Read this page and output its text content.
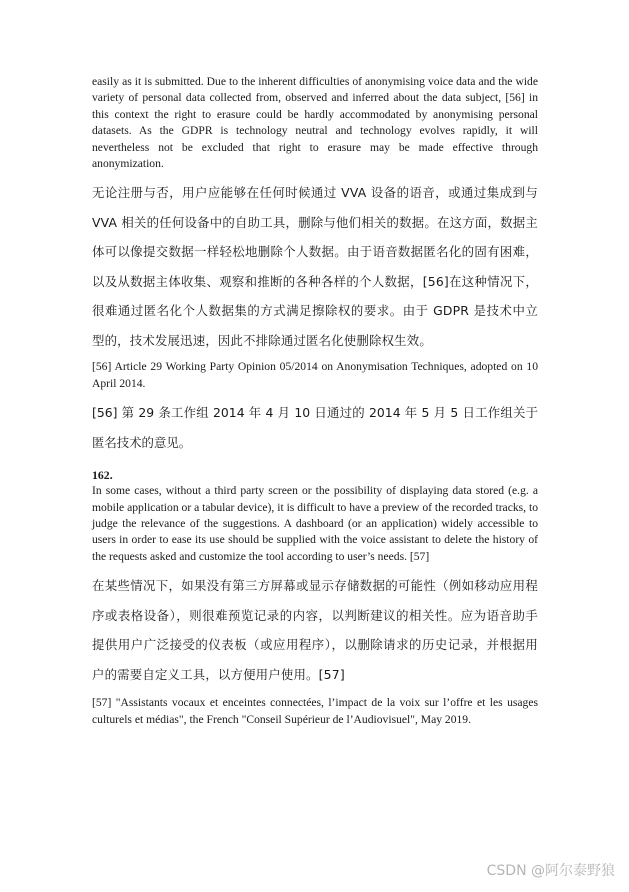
easily as it is submitted. Due to the inherent difficulties of anonymising voice data and the wide variety of personal data collected from, observed and inferred about the data subject, [56] in this context the right to erasure could be hardly accommodated by anonymising personal datasets. As the GDPR is technology neutral and technology evolves rapidly, it will nevertheless not be excluded that right to erasure may be made effective through anonymization.

无论注册与否，用户应能够在任何时候通过 VVA 设备的语音，或通过集成到与 VVA 相关的任何设备中的自助工具，删除与他们相关的数据。在这方面，数据主体可以像提交数据一样轻松地删除个人数据。由于语音数据匿名化的固有困难，以及从数据主体收集、观察和推断的各种各样的个人数据，[56]在这种情况下，很难通过匿名化个人数据集的方式满足擦除权的要求。由于 GDPR 是技术中立型的，技术发展迅速，因此不排除通过匿名化使删除权生效。

[56] Article 29 Working Party Opinion 05/2014 on Anonymisation Techniques, adopted on 10 April 2014.

[56] 第 29 条工作组 2014 年 4 月 10 日通过的 2014 年 5 月 5 日工作组关于匿名技术的意见。

162.

In some cases, without a third party screen or the possibility of displaying data stored (e.g. a mobile application or a tabular device), it is difficult to have a preview of the recorded tracks, to judge the relevance of the suggestions. A dashboard (or an application) widely accessible to users in order to ease its use should be supplied with the voice assistant to delete the history of the requests asked and customize the tool according to user’s needs. [57]

在某些情况下，如果没有第三方屏幕或显示存储数据的可能性（例如移动应用程序或表格设备），则很难预览记录的内容，以判断建议的相关性。应为语音助手提供用户广泛接受的仪表板（或应用程序），以删除请求的历史记录，并根据用户的需要自定义工具，以方便用户使用。[57]

[57] "Assistants vocaux et enceintes connectées, l’impact de la voix sur l’offre et les usages culturels et médias", the French "Conseil Supérieur de l’Audiovisuel", May 2019.

CSDN @阿尔泰野狼
